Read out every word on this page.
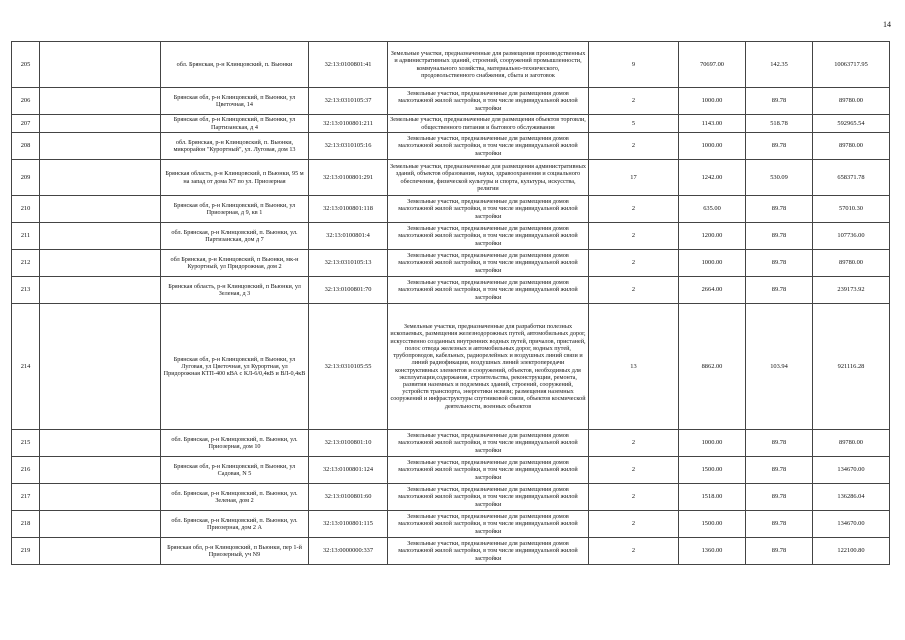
14
205		обл. Брянская, р-н Клинцовский, п. Вьюнки	32:13:0100801:41	Земельные участки, предназначенные для размещения производственных и административных зданий, строений, сооружений промышленности, коммунального хозяйства, материально-технического, продовольственного снабжения, сбыта и заготовок	9	70697.00	142.35	10063717.95
206		Брянская обл, р-н Клинцовский, п Вьюнки, ул Цветочная, 14	32:13:0310105:37	Земельные участки, предназначенные для размещения домов малоэтажной жилой застройки, в том числе индивидуальной жилой застройки	2	1000.00	89.78	89780.00
207		Брянская обл, р-н Клинцовский, п Вьюнки, ул Партизанская, д 4	32:13:0100801:211	Земельные участки, предназначенные для размещения объектов торговли, общественного питания и бытового обслуживания	5	1143.00	518.78	592965.54
208		обл. Брянская, р-н Клинцовский, п. Вьюнки, микрорайон "Курортный", ул. Луговая, дом 13	32:13:0310105:16	Земельные участки, предназначенные для размещения домов малоэтажной жилой застройки, в том числе индивидуальной жилой застройки	2	1000.00	89.78	89780.00
209		Брянская область, р-н Клинцовский, п Вьюнки, 95 м на запад от дома N7 по ул. Приозерная	32:13:0100801:291	Земельные участки, предназначенные для размещения административных зданий, объектов образования, науки, здравоохранения и социального обеспечения, физической культуры и спорта, культуры, искусства, религии	17	1242.00	530.09	658371.78
210		Брянская обл, р-н Клинцовский, п Вьюнки, ул Приозерная, д 9, кв 1	32:13:0100801:118	Земельные участки, предназначенные для размещения домов малоэтажной жилой застройки, в том числе индивидуальной жилой застройки	2	635.00	89.78	57010.30
211		обл. Брянская, р-н Клинцовский, п. Вьюнки, ул. Партизанская, дом д 7	32:13:0100801:4	Земельные участки, предназначенные для размещения домов малоэтажной жилой застройки, в том числе индивидуальной жилой застройки	2	1200.00	89.78	107736.00
212		обл Брянская, р-н Клинцовский, п Вьюнки, мк-н Курортный, ул Придорожная, дом 2	32:13:0310105:13	Земельные участки, предназначенные для размещения домов малоэтажной жилой застройки, в том числе индивидуальной жилой застройки	2	1000.00	89.78	89780.00
213		Брянская область, р-н Клинцовский, п Вьюнки, ул Зеленая, д 3	32:13:0100801:70	Земельные участки, предназначенные для размещения домов малоэтажной жилой застройки, в том числе индивидуальной жилой застройки	2	2664.00	89.78	239173.92
214		Брянская обл, р-н Клинцовский, п Вьюнки, ул Луговая, ул Цветочная, ул Курортная, ул Придорожная КТП-400 кВА с КЛ-6/0,4кВ и ВЛ-0,4кВ	32:13:0310105:55	Земельные участки, предназначенные для разработки полезных ископаемых, размещения железнодорожных путей, автомобильных дорог, искусственно созданных внутренних водных путей, причалов, пристаней, полос отвода железных и автомобильных дорог, водных путей, трубопроводов, кабельных, радиорелейных и воздушных линий связи и линий радиофикации, воздушных линий электропередачи конструктивных элементов и сооружений, объектов, необходимых для эксплуатации,содержания, строительства, реконструкции, ремонта, развития наземных и подземных зданий, строений, сооружений, устройств транспорта, энергетики нсвязи; размещения наземных сооружений и инфраструктуры спутниковой связи, объектов космической деятельности, военных объектов	13	8862.00	103.94	921116.28
215		обл. Брянская, р-н Клинцовский, п. Вьюнки, ул. Приозерная, дом 10	32:13:0100801:10	Земельные участки, предназначенные для размещения домов малоэтажной жилой застройки, в том числе индивидуальной жилой застройки	2	1000.00	89.78	89780.00
216		Брянская обл, р-н Клинцовский, п Вьюнки, ул Садовая, N 5	32:13:0100801:124	Земельные участки, предназначенные для размещения домов малоэтажной жилой застройки, в том числе индивидуальной жилой застройки	2	1500.00	89.78	134670.00
217		обл. Брянская, р-н Клинцовский, п. Вьюнки, ул. Зеленая, дом 2	32:13:0100801:60	Земельные участки, предназначенные для размещения домов малоэтажной жилой застройки, в том числе индивидуальной жилой застройки	2	1518.00	89.78	136286.04
218		обл. Брянская, р-н Клинцовский, п. Вьюнки, ул. Приозерная, дом 2 А	32:13:0100801:115	Земельные участки, предназначенные для размещения домов малоэтажной жилой застройки, в том числе индивидуальной жилой застройки	2	1500.00	89.78	134670.00
219		Брянская обл, р-н Клинцовский, п Вьюнки, пер 1-й Приозерный, уч N9	32:13:0000000:337	Земельные участки, предназначенные для размещения домов малоэтажной жилой застройки, в том числе индивидуальной жилой застройки	2	1360.00	89.78	122100.80
